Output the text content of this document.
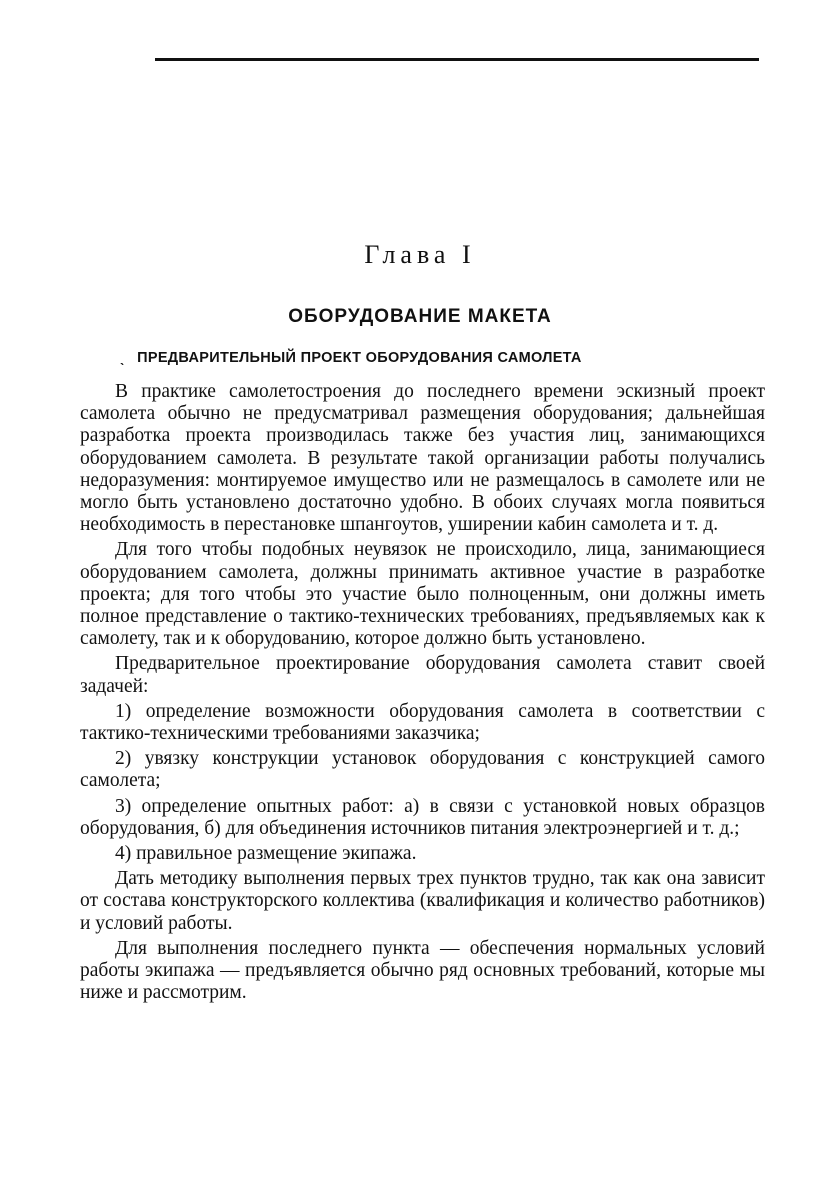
Глава I
ОБОРУДОВАНИЕ МАКЕТА
ˎ ПРЕДВАРИТЕЛЬНЫЙ ПРОЕКТ ОБОРУДОВАНИЯ САМОЛЕТА

В практике самолетостроения до последнего времени эскизный проект самолета обычно не предусматривал размещения оборудования; дальнейшая разработка проекта производилась также без участия лиц, занимающихся оборудованием самолета. В результате такой организации работы получались недоразумения: монтируемое имущество или не размещалось в самолете или не могло быть установлено достаточно удобно. В обоих случаях могла появиться необходимость в перестановке шпангоутов, уширении кабин самолета и т. д.

Для того чтобы подобных неувязок не происходило, лица, занимающиеся оборудованием самолета, должны принимать активное участие в разработке проекта; для того чтобы это участие было полноценным, они должны иметь полное представление о тактико-технических требованиях, предъявляемых как к самолету, так и к оборудованию, которое должно быть установлено.

Предварительное проектирование оборудования самолета ставит своей задачей:

1) определение возможности оборудования самолета в соответствии с тактико-техническими требованиями заказчика;

2) увязку конструкции установок оборудования с конструкцией самого самолета;

3) определение опытных работ: а) в связи с установкой новых образцов оборудования, б) для объединения источников питания электроэнергией и т. д.;

4) правильное размещение экипажа.

Дать методику выполнения первых трех пунктов трудно, так как она зависит от состава конструкторского коллектива (квалификация и количество работников) и условий работы.

Для выполнения последнего пункта — обеспечения нормальных условий работы экипажа — предъявляется обычно ряд основных требований, которые мы ниже и рассмотрим.
